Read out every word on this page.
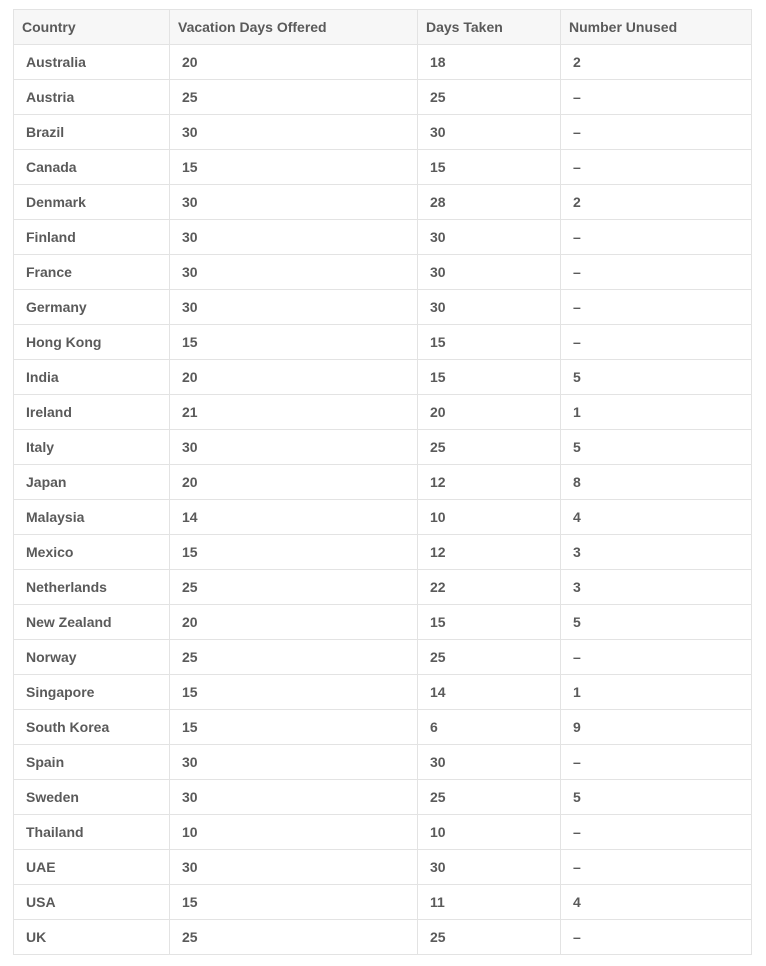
Country	Vacation Days Offered	Days Taken	Number Unused
Australia	20	18	2
Austria	25	25	–
Brazil	30	30	–
Canada	15	15	–
Denmark	30	28	2
Finland	30	30	–
France	30	30	–
Germany	30	30	–
Hong Kong	15	15	–
India	20	15	5
Ireland	21	20	1
Italy	30	25	5
Japan	20	12	8
Malaysia	14	10	4
Mexico	15	12	3
Netherlands	25	22	3
New Zealand	20	15	5
Norway	25	25	–
Singapore	15	14	1
South Korea	15	6	9
Spain	30	30	–
Sweden	30	25	5
Thailand	10	10	–
UAE	30	30	–
USA	15	11	4
UK	25	25	–
